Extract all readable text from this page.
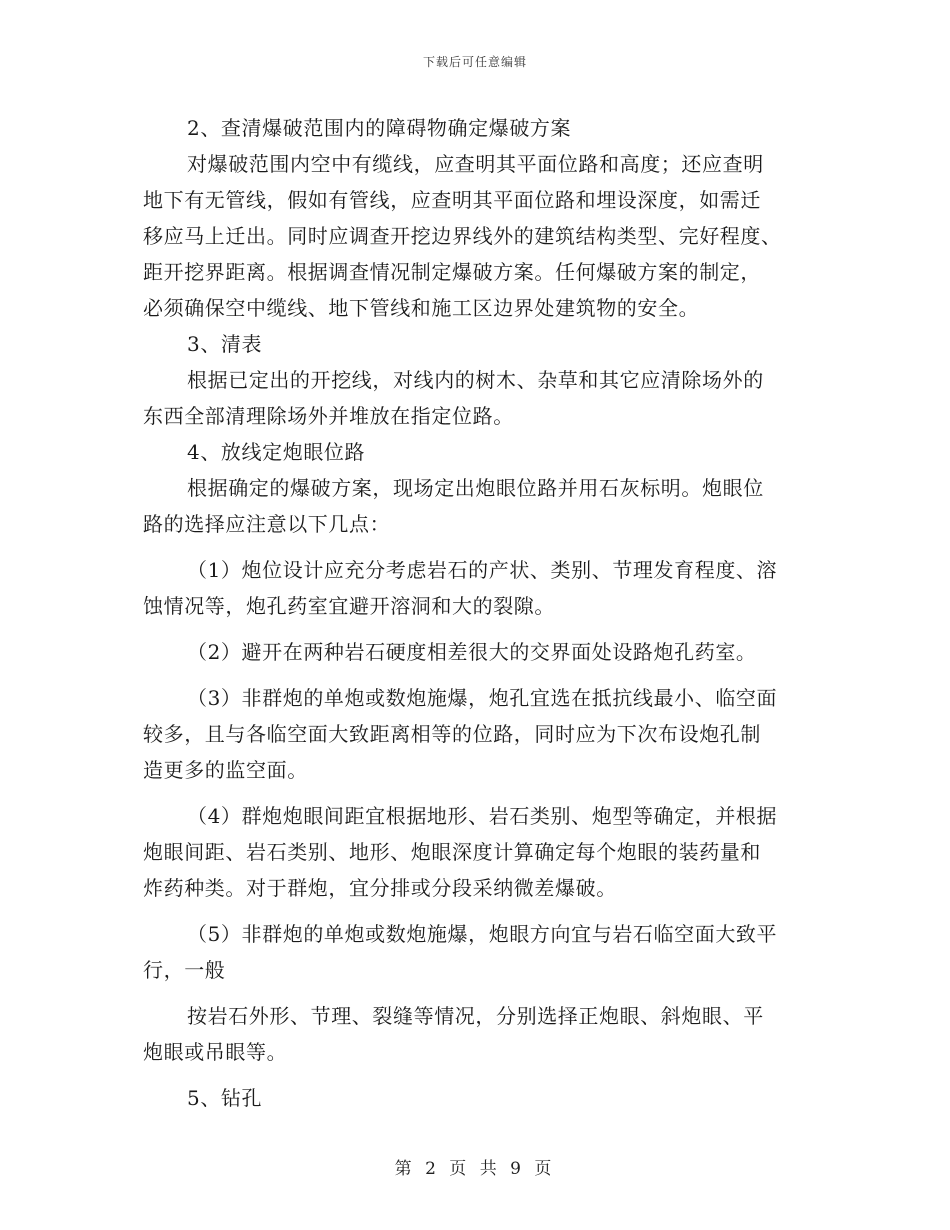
下载后可任意编辑
2、查清爆破范围内的障碍物确定爆破方案
对爆破范围内空中有缆线，应查明其平面位路和高度；还应查明
地下有无管线，假如有管线，应查明其平面位路和埋设深度，如需迁
移应马上迁出。同时应调查开挖边界线外的建筑结构类型、完好程度、
距开挖界距离。根据调查情况制定爆破方案。任何爆破方案的制定，
必须确保空中缆线、地下管线和施工区边界处建筑物的安全。
3、清表
根据已定出的开挖线，对线内的树木、杂草和其它应清除场外的
东西全部清理除场外并堆放在指定位路。
4、放线定炮眼位路
根据确定的爆破方案，现场定出炮眼位路并用石灰标明。炮眼位
路的选择应注意以下几点：
（1）炮位设计应充分考虑岩石的产状、类别、节理发育程度、溶
蚀情况等，炮孔药室宜避开溶洞和大的裂隙。
（2）避开在两种岩石硬度相差很大的交界面处设路炮孔药室。
（3）非群炮的单炮或数炮施爆，炮孔宜选在抵抗线最小、临空面
较多，且与各临空面大致距离相等的位路，同时应为下次布设炮孔制
造更多的监空面。
（4）群炮炮眼间距宜根据地形、岩石类别、炮型等确定，并根据
炮眼间距、岩石类别、地形、炮眼深度计算确定每个炮眼的装药量和
炸药种类。对于群炮，宜分排或分段采纳微差爆破。
（5）非群炮的单炮或数炮施爆，炮眼方向宜与岩石临空面大致平
行，一般
按岩石外形、节理、裂缝等情况，分别选择正炮眼、斜炮眼、平
炮眼或吊眼等。
5、钻孔
第 2 页 共 9 页
